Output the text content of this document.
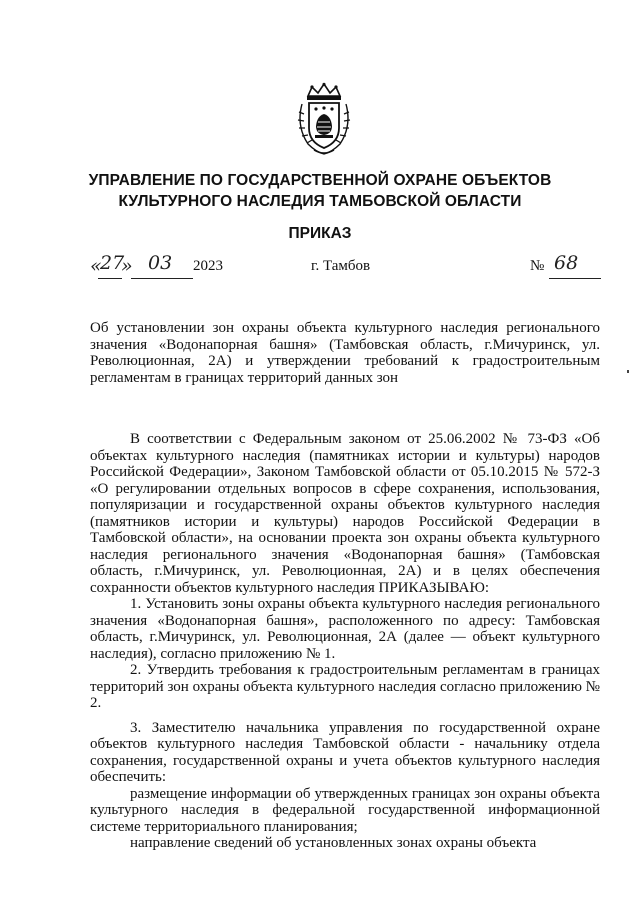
УПРАВЛЕНИЕ ПО ГОСУДАРСТВЕННОЙ ОХРАНЕ ОБЪЕКТОВ
КУЛЬТУРНОГО НАСЛЕДИЯ ТАМБОВСКОЙ ОБЛАСТИ
ПРИКАЗ
«
27
» 03 2023	г. Тамбов	№ 68
Об установлении зон охраны объекта культурного наследия регионального значения «Водонапорная башня» (Тамбовская область, г.Мичуринск, ул. Революционная, 2А) и утверждении требований к градостроительным регламентам в границах территорий данных зон

В соответствии с Федеральным законом от 25.06.2002 № 73-ФЗ «Об объектах культурного наследия (памятниках истории и культуры) народов Российской Федерации», Законом Тамбовской области от 05.10.2015 № 572-З «О регулировании отдельных вопросов в сфере сохранения, использования, популяризации и государственной охраны объектов культурного наследия (памятников истории и культуры) народов Российской Федерации в Тамбовской области», на основании проекта зон охраны объекта культурного наследия регионального значения «Водонапорная башня» (Тамбовская область, г.Мичуринск, ул. Революционная, 2А) и в целях обеспечения сохранности объектов культурного наследия ПРИКАЗЫВАЮ:

1. Установить зоны охраны объекта культурного наследия регионального значения «Водонапорная башня», расположенного по адресу: Тамбовская область, г.Мичуринск, ул. Революционная, 2А (далее — объект культурного наследия), согласно приложению № 1.

2. Утвердить требования к градостроительным регламентам в границах территорий зон охраны объекта культурного наследия согласно приложению № 2.

3. Заместителю начальника управления по государственной охране объектов культурного наследия Тамбовской области - начальнику отдела сохранения, государственной охраны и учета объектов культурного наследия обеспечить:

размещение информации об утвержденных границах зон охраны объекта культурного наследия в федеральной государственной информационной системе территориального планирования;

направление сведений об установленных зонах охраны объекта
